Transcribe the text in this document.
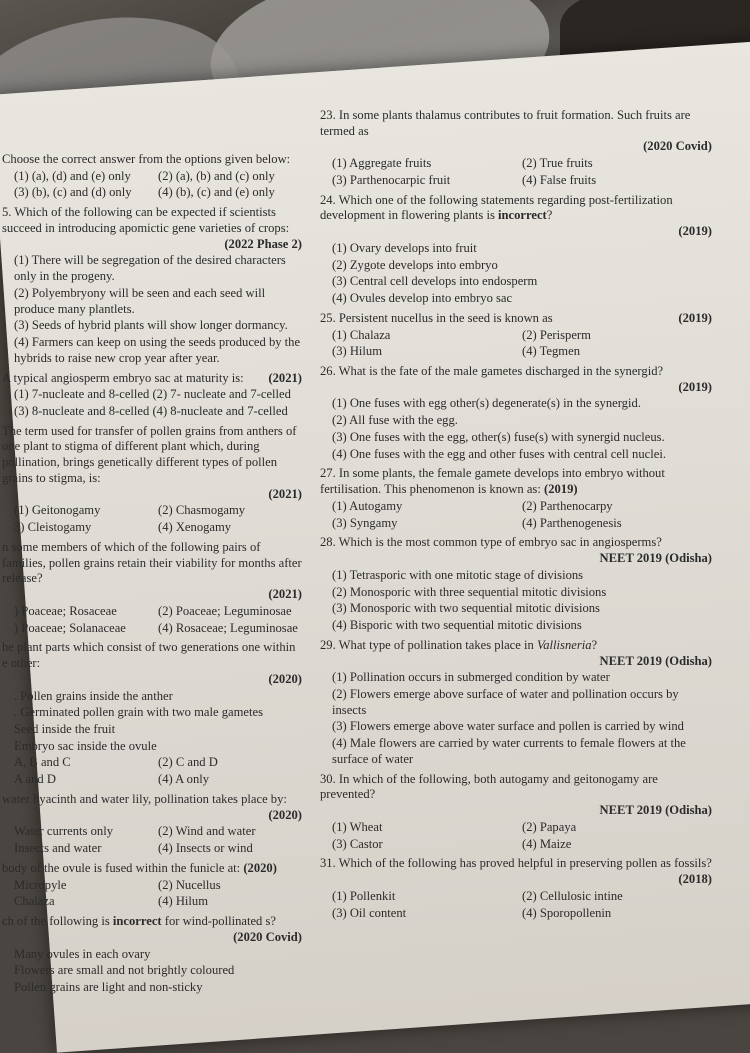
Choose the correct answer from the options given below:

(1) (a), (d) and (e) only	(2) (a), (b) and (c) only
(3) (b), (c) and (d) only	(4) (b), (c) and (e) only

5. Which of the following can be expected if scientists succeed in introducing apomictic gene varieties of crops:

(2022 Phase 2)

(1) There will be segregation of the desired characters only in the progeny.

(2) Polyembryony will be seen and each seed will produce many plantlets.

(3) Seeds of hybrid plants will show longer dormancy.

(4) Farmers can keep on using the seeds produced by the hybrids to raise new crop year after year.

A typical angiosperm embryo sac at maturity is: (2021)

(1) 7-nucleate and 8-celled (2) 7- nucleate and 7-celled

(3) 8-nucleate and 8-celled (4) 8-nucleate and 7-celled

The term used for transfer of pollen grains from anthers of one plant to stigma of different plant which, during pollination, brings genetically different types of pollen grains to stigma, is:

(2021)
(1) Geitonogamy	(2) Chasmogamy
3) Cleistogamy	(4) Xenogamy

n some members of which of the following pairs of families, pollen grains retain their viability for months after release?

(2021)
) Poaceae; Rosaceae	(2) Poaceae; Leguminosae
) Poaceae; Solanaceae	(4) Rosaceae; Leguminosae

he plant parts which consist of two generations one within e other:

(2020)

. Pollen grains inside the anther

. Germinated pollen grain with two male gametes

Seed inside the fruit

Embryo sac inside the ovule

A, B and C	(2) C and D
A and D	(4) A only

water hyacinth and water lily, pollination takes place by:

(2020)
Water currents only	(2) Wind and water
Insects and water	(4) Insects or wind

body of the ovule is fused within the funicle at: (2020)

Micropyle	(2) Nucellus
Chalaza	(4) Hilum

ch of the following is incorrect for wind-pollinated s?

(2020 Covid)

Many ovules in each ovary

Flowers are small and not brightly coloured

Pollen grains are light and non-sticky

23. In some plants thalamus contributes to fruit formation. Such fruits are termed as

(2020 Covid)
(1) Aggregate fruits	(2) True fruits
(3) Parthenocarpic fruit	(4) False fruits

24. Which one of the following statements regarding post-fertilization development in flowering plants is incorrect?

(2019)

(1) Ovary develops into fruit

(2) Zygote develops into embryo

(3) Central cell develops into endosperm

(4) Ovules develop into embryo sac

25. Persistent nucellus in the seed is known as	(2019)

(1) Chalaza	(2) Perisperm
(3) Hilum	(4) Tegmen

26. What is the fate of the male gametes discharged in the synergid?

(2019)

(1) One fuses with egg other(s) degenerate(s) in the synergid.

(2) All fuse with the egg.

(3) One fuses with the egg, other(s) fuse(s) with synergid nucleus.

(4) One fuses with the egg and other fuses with central cell nuclei.

27. In some plants, the female gamete develops into embryo without fertilisation. This phenomenon is known as: (2019)

(1) Autogamy	(2) Parthenocarpy
(3) Syngamy	(4) Parthenogenesis

28. Which is the most common type of embryo sac in angiosperms?

NEET 2019 (Odisha)

(1) Tetrasporic with one mitotic stage of divisions

(2) Monosporic with three sequential mitotic divisions

(3) Monosporic with two sequential mitotic divisions

(4) Bisporic with two sequential mitotic divisions

29. What type of pollination takes place in Vallisneria?

NEET 2019 (Odisha)

(1) Pollination occurs in submerged condition by water

(2) Flowers emerge above surface of water and pollination occurs by insects

(3) Flowers emerge above water surface and pollen is carried by wind

(4) Male flowers are carried by water currents to female flowers at the surface of water

30. In which of the following, both autogamy and geitonogamy are prevented?

NEET 2019 (Odisha)
(1) Wheat	(2) Papaya
(3) Castor	(4) Maize

31. Which of the following has proved helpful in preserving pollen as fossils?

(2018)
(1) Pollenkit	(2) Cellulosic intine
(3) Oil content	(4) Sporopollenin
